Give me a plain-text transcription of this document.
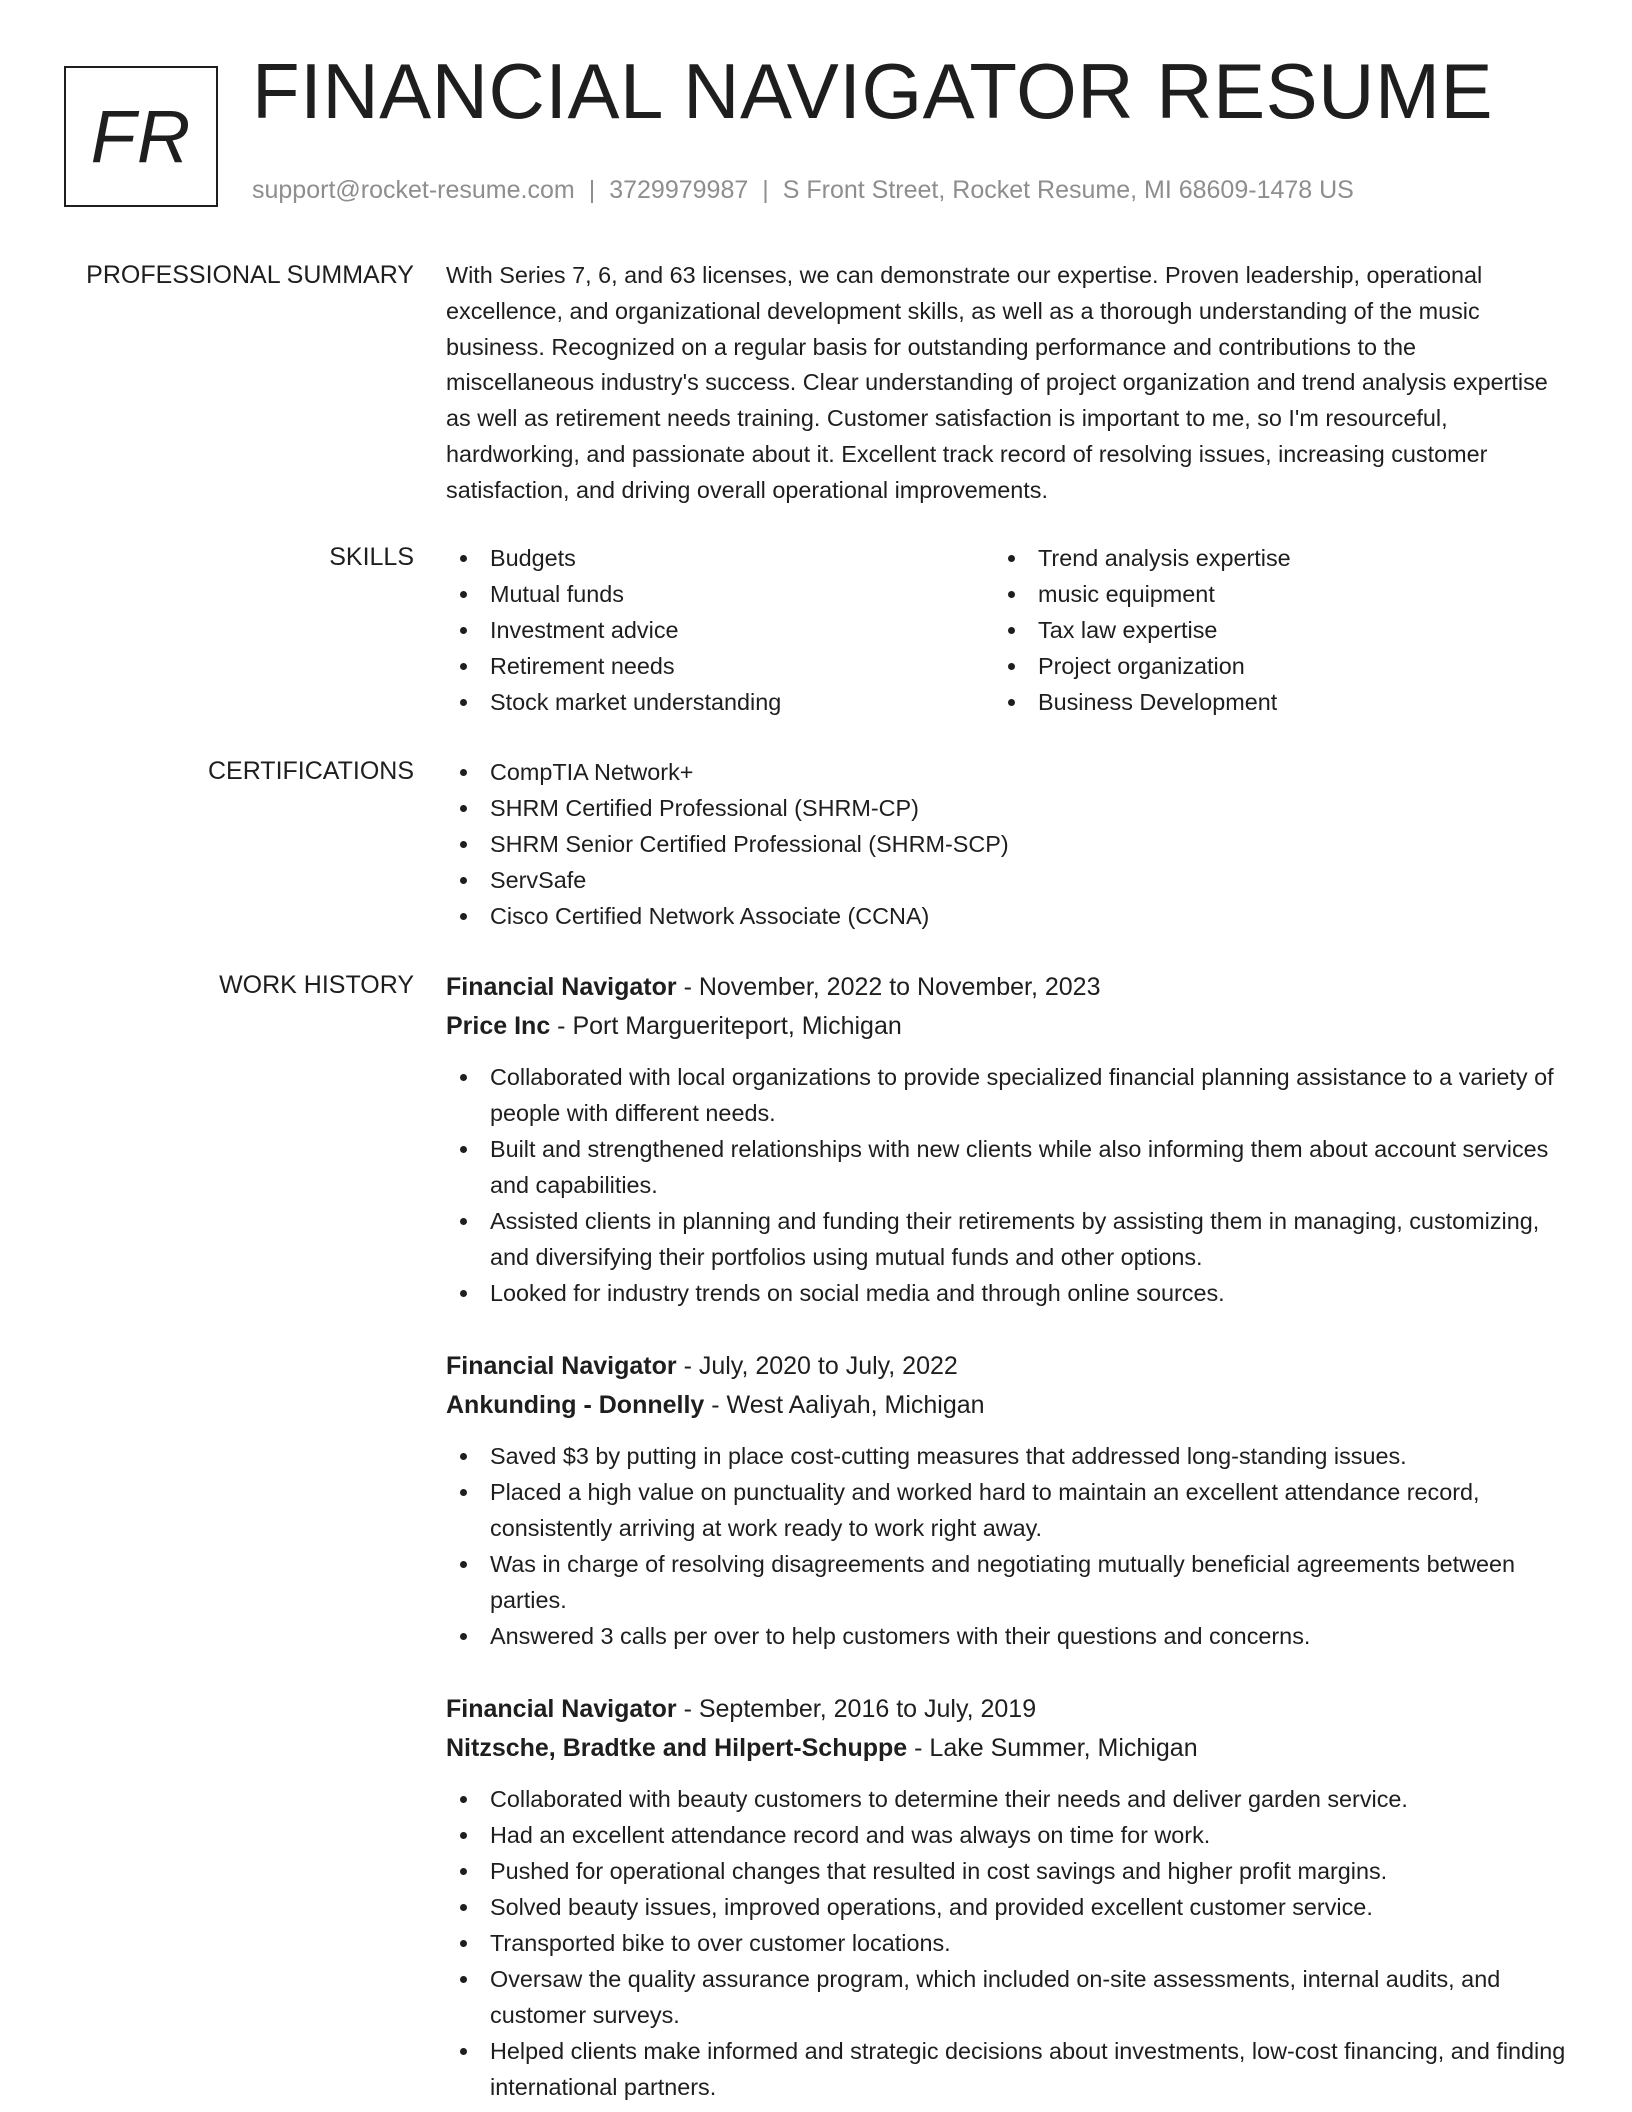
FR
FINANCIAL NAVIGATOR RESUME
support@rocket-resume.com | 3729979987 | S Front Street, Rocket Resume, MI 68609-1478 US
PROFESSIONAL SUMMARY With Series 7, 6, and 63 licenses, we can demonstrate our expertise. Proven leadership, operational excellence, and organizational development skills, as well as a thorough understanding of the music business. Recognized on a regular basis for outstanding performance and contributions to the miscellaneous industry's success. Clear understanding of project organization and trend analysis expertise as well as retirement needs training. Customer satisfaction is important to me, so I'm resourceful, hardworking, and passionate about it. Excellent track record of resolving issues, increasing customer satisfaction, and driving overall operational improvements.

SKILLS	Budgets
Mutual funds
Investment advice
Retirement needs
Stock market understanding
Trend analysis expertise
music equipment
Tax law expertise
Project organization
Business Development
CERTIFICATIONS	CompTIA Network+
SHRM Certified Professional (SHRM-CP)
SHRM Senior Certified Professional (SHRM-SCP)
ServSafe
Cisco Certified Network Associate (CCNA)
WORK HISTORY Financial Navigator - November, 2022 to November, 2023
Price Inc - Port Margueriteport, Michigan
Collaborated with local organizations to provide specialized financial planning assistance to a variety of people with different needs.
Built and strengthened relationships with new clients while also informing them about account services and capabilities.
Assisted clients in planning and funding their retirements by assisting them in managing, customizing, and diversifying their portfolios using mutual funds and other options.
Looked for industry trends on social media and through online sources.
Financial Navigator - July, 2020 to July, 2022
Ankunding - Donnelly - West Aaliyah, Michigan
Saved $3 by putting in place cost-cutting measures that addressed long-standing issues.
Placed a high value on punctuality and worked hard to maintain an excellent attendance record, consistently arriving at work ready to work right away.
Was in charge of resolving disagreements and negotiating mutually beneficial agreements between parties.
Answered 3 calls per over to help customers with their questions and concerns.
Financial Navigator - September, 2016 to July, 2019
Nitzsche, Bradtke and Hilpert-Schuppe - Lake Summer, Michigan
Collaborated with beauty customers to determine their needs and deliver garden service.
Had an excellent attendance record and was always on time for work.
Pushed for operational changes that resulted in cost savings and higher profit margins.
Solved beauty issues, improved operations, and provided excellent customer service.
Transported bike to over customer locations.
Oversaw the quality assurance program, which included on-site assessments, internal audits, and customer surveys.
Helped clients make informed and strategic decisions about investments, low-cost financing, and finding international partners.
